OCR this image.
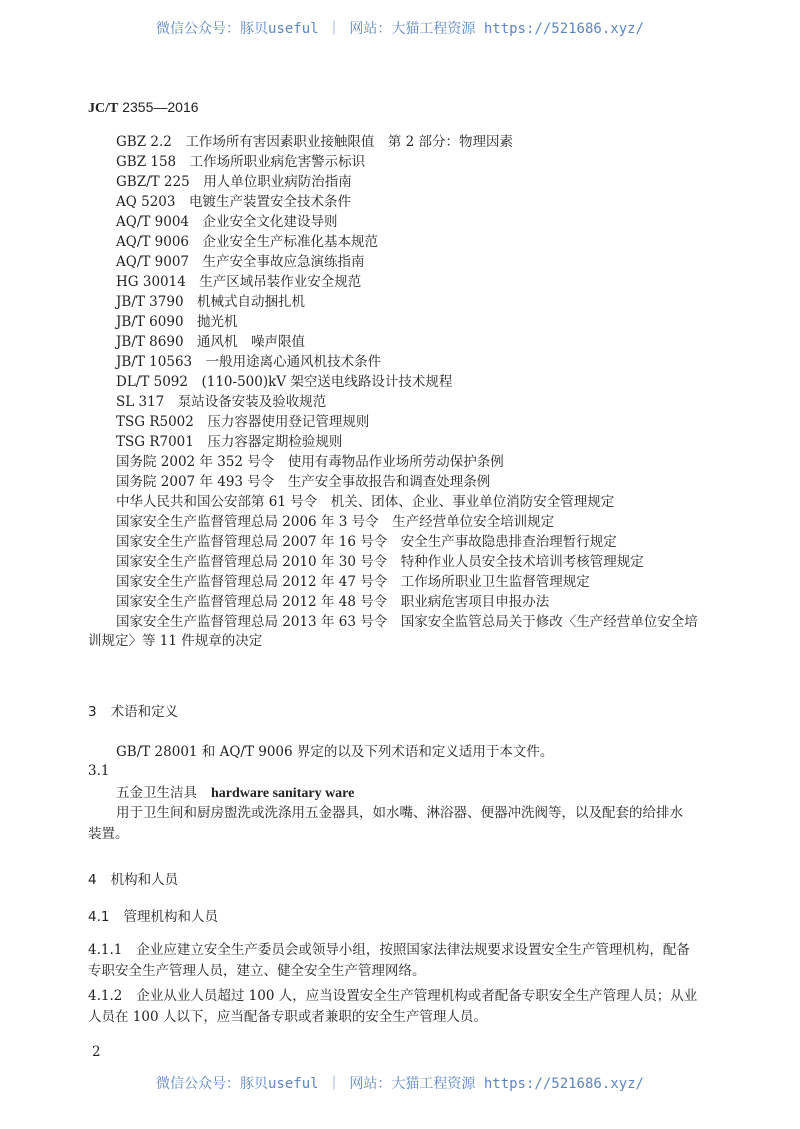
微信公众号：豚贝useful ｜ 网站：大猫工程资源 https://521686.xyz/
JC/T 2355—2016
GBZ 2.2　工作场所有害因素职业接触限值　第 2 部分：物理因素
GBZ 158　工作场所职业病危害警示标识
GBZ/T 225　用人单位职业病防治指南
AQ 5203　电镀生产装置安全技术条件
AQ/T 9004　企业安全文化建设导则
AQ/T 9006　企业安全生产标准化基本规范
AQ/T 9007　生产安全事故应急演练指南
HG 30014　生产区域吊装作业安全规范
JB/T 3790　机械式自动捆扎机
JB/T 6090　抛光机
JB/T 8690　通风机　噪声限值
JB/T 10563　一般用途离心通风机技术条件
DL/T 5092　(110-500)kV 架空送电线路设计技术规程
SL 317　泵站设备安装及验收规范
TSG R5002　压力容器使用登记管理规则
TSG R7001　压力容器定期检验规则
国务院 2002 年 352 号令　使用有毒物品作业场所劳动保护条例
国务院 2007 年 493 号令　生产安全事故报告和调查处理条例
中华人民共和国公安部第 61 号令　机关、团体、企业、事业单位消防安全管理规定
国家安全生产监督管理总局 2006 年 3 号令　生产经营单位安全培训规定
国家安全生产监督管理总局 2007 年 16 号令　安全生产事故隐患排查治理暂行规定
国家安全生产监督管理总局 2010 年 30 号令　特种作业人员安全技术培训考核管理规定
国家安全生产监督管理总局 2012 年 47 号令　工作场所职业卫生监督管理规定
国家安全生产监督管理总局 2012 年 48 号令　职业病危害项目申报办法
国家安全生产监督管理总局 2013 年 63 号令　国家安全监管总局关于修改〈生产经营单位安全培
训规定〉等 11 件规章的决定
3 术语和定义
GB/T 28001 和 AQ/T 9006 界定的以及下列术语和定义适用于本文件。
3.1
五金卫生洁具 hardware sanitary ware
用于卫生间和厨房盥洗或洗涤用五金器具，如水嘴、淋浴器、便器冲洗阀等，以及配套的给排水
装置。
4 机构和人员
4.1 管理机构和人员
4.1.1 企业应建立安全生产委员会或领导小组，按照国家法律法规要求设置安全生产管理机构，配备
专职安全生产管理人员，建立、健全安全生产管理网络。
4.1.2 企业从业人员超过 100 人，应当设置安全生产管理机构或者配备专职安全生产管理人员；从业
人员在 100 人以下，应当配备专职或者兼职的安全生产管理人员。
2
微信公众号：豚贝useful ｜ 网站：大猫工程资源 https://521686.xyz/
